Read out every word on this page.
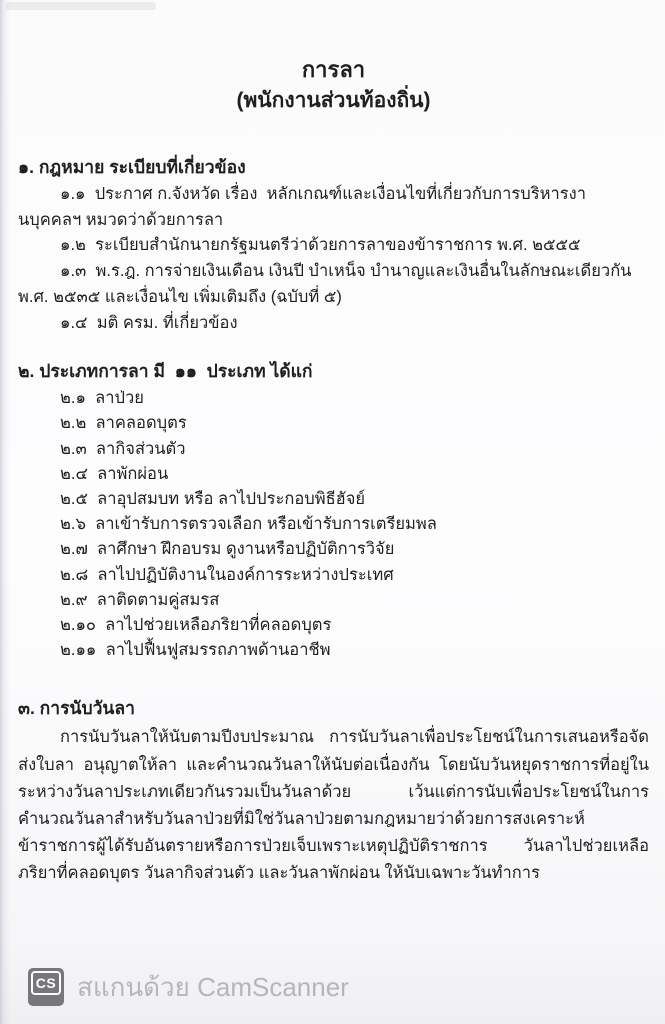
การลา
(พนักงานส่วนท้องถิ่น)
๑. กฎหมาย ระเบียบที่เกี่ยวข้อง
๑.๑  ประกาศ ก.จังหวัด เรื่อง  หลักเกณฑ์และเงื่อนไขที่เกี่ยวกับการบริหารงานบุคคลฯ หมวดว่าด้วยการลา
๑.๒  ระเบียบสำนักนายกรัฐมนตรีว่าด้วยการลาของข้าราชการ พ.ศ. ๒๕๕๕
๑.๓  พ.ร.ฎ. การจ่ายเงินเดือน เงินปี บำเหน็จ บำนาญและเงินอื่นในลักษณะเดียวกัน พ.ศ. ๒๕๓๕ และเงื่อนไข เพิ่มเติมถึง (ฉบับที่ ๕)
๑.๔  มติ ครม. ที่เกี่ยวข้อง
๒. ประเภทการลา มี  ๑๑  ประเภท ได้แก่
๒.๑  ลาป่วย
๒.๒  ลาคลอดบุตร
๒.๓  ลากิจส่วนตัว
๒.๔  ลาพักผ่อน
๒.๕  ลาอุปสมบท หรือ ลาไปประกอบพิธีฮัจย์
๒.๖  ลาเข้ารับการตรวจเลือก หรือเข้ารับการเตรียมพล
๒.๗  ลาศึกษา ฝึกอบรม ดูงานหรือปฏิบัติการวิจัย
๒.๘  ลาไปปฏิบัติงานในองค์การระหว่างประเทศ
๒.๙  ลาติดตามคู่สมรส
๒.๑๐  ลาไปช่วยเหลือภริยาที่คลอดบุตร
๒.๑๑  ลาไปฟื้นฟูสมรรถภาพด้านอาชีพ
๓. การนับวันลา
การนับวันลาให้นับตามปีงบประมาณ การนับวันลาเพื่อประโยชน์ในการเสนอหรือจัดส่งใบลา อนุญาตให้ลา และคำนวณวันลาให้นับต่อเนื่องกัน โดยนับวันหยุดราชการที่อยู่ในระหว่างวันลาประเภทเดียวกันรวมเป็นวันลาด้วย เว้นแต่การนับเพื่อประโยชน์ในการคำนวณวันลาสำหรับวันลาป่วยที่มิใช่วันลาป่วยตามกฎหมายว่าด้วยการสงเคราะห์ข้าราชการผู้ได้รับอันตรายหรือการป่วยเจ็บเพราะเหตุปฏิบัติราชการ วันลาไปช่วยเหลือภริยาที่คลอดบุตร วันลากิจส่วนตัว และวันลาพักผ่อน ให้นับเฉพาะวันทำการ
CS สแกนด้วย CamScanner
